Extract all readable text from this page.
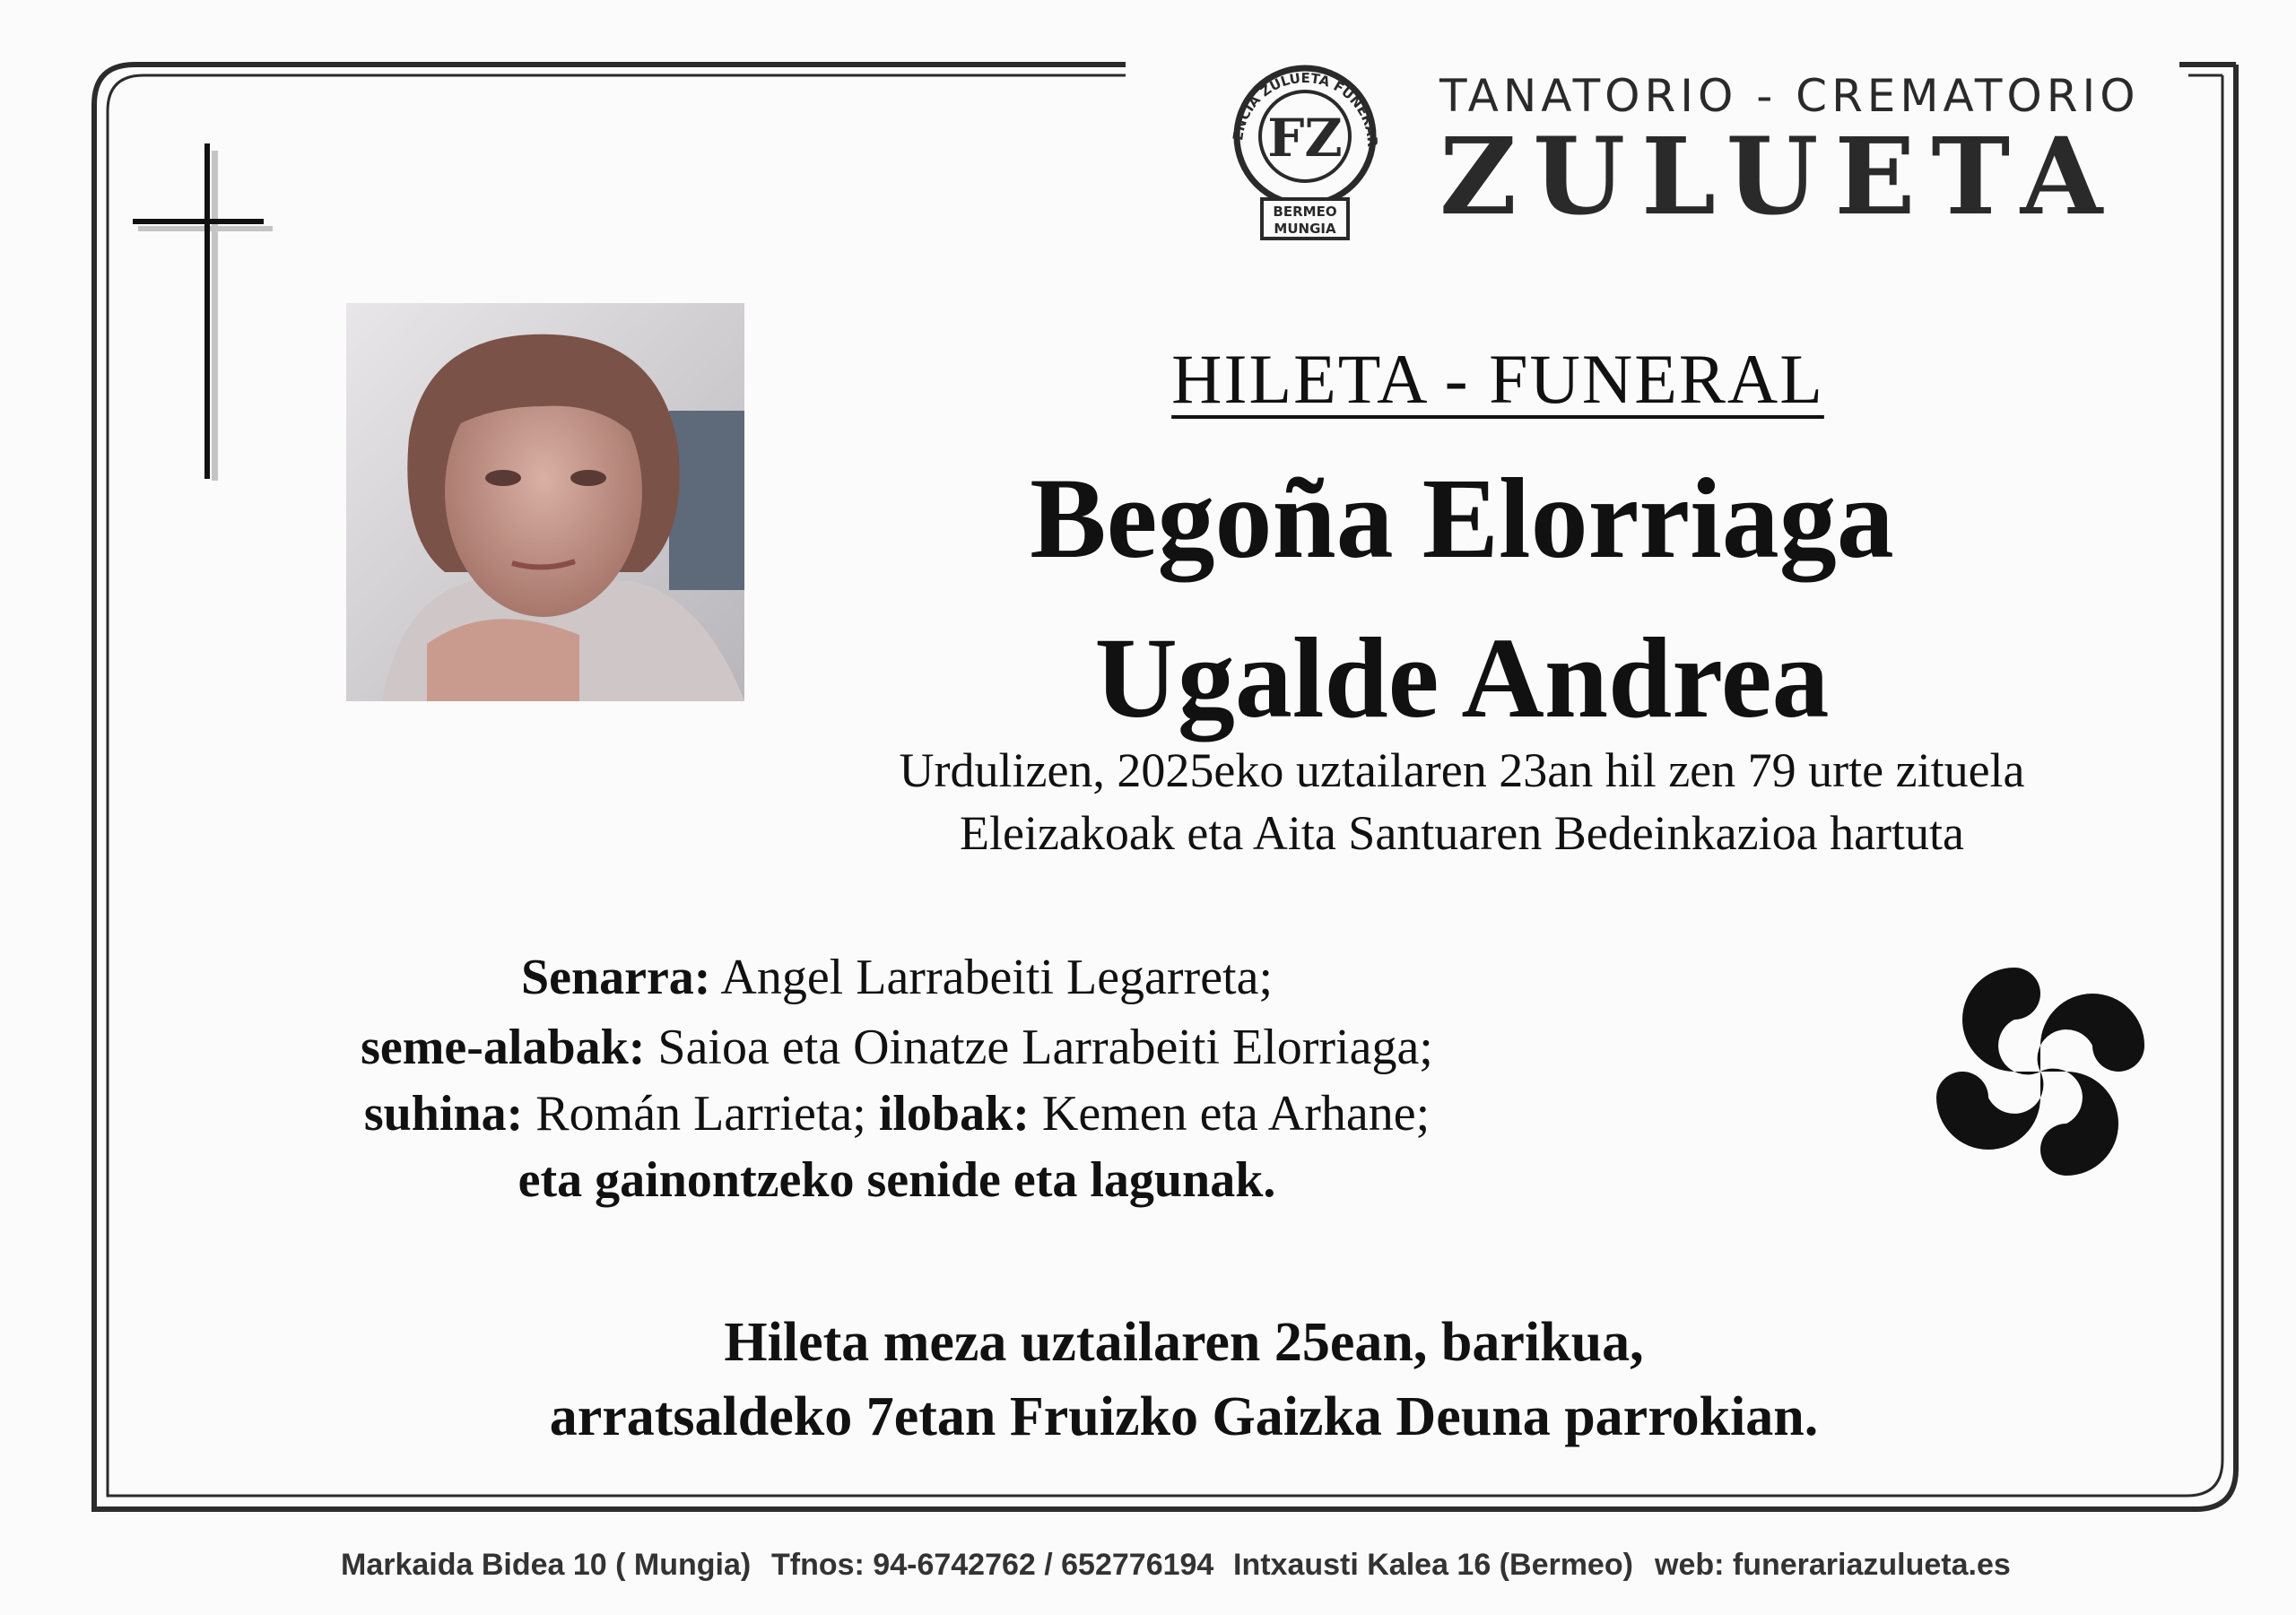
ENCIA ZULUETA FUNERAR
FZ
BERMEO
MUNGIA
TANATORIO - CREMATORIO
ZULUETA
HILETA - FUNERAL
Begoña Elorriaga
Ugalde Andrea
Urdulizen, 2025eko uztailaren 23an hil zen 79 urte zituela
Eleizakoak eta Aita Santuaren Bedeinkazioa hartuta
Senarra: Angel Larrabeiti Legarreta;
seme-alabak: Saioa eta Oinatze Larrabeiti Elorriaga;
suhina: Román Larrieta; ilobak: Kemen eta Arhane;
eta gainontzeko senide eta lagunak.
Hileta meza uztailaren 25ean, barikua,
arratsaldeko 7etan Fruizko Gaizka Deuna parrokian.
Markaida Bidea 10 ( Mungia) Tfnos: 94-6742762 / 652776194 Intxausti Kalea 16 (Bermeo) web: funerariazulueta.es
